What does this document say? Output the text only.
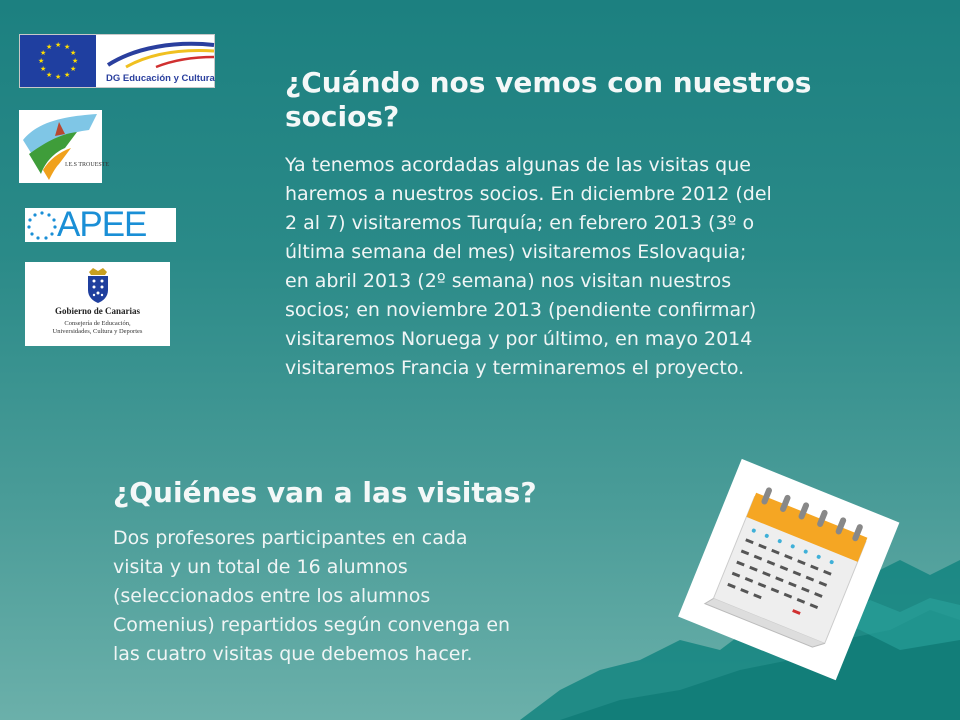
★ ★
★
★
★
★
★
★
★
★
★
★
DG Educación y Cultura
I.E.S TROUESTE
APEE
Gobierno de Canarias
Consejería de Educación,
Universidades, Cultura y Deportes
¿Cuándo nos vemos con nuestros
socios?
Ya tenemos acordadas algunas de las visitas que
haremos a nuestros socios. En diciembre 2012 (del
2 al 7) visitaremos Turquía; en febrero 2013 (3º o
última semana del mes) visitaremos Eslovaquia;
en abril 2013 (2º semana) nos visitan nuestros
socios; en noviembre 2013 (pendiente confirmar)
visitaremos Noruega y por último, en mayo 2014
visitaremos Francia y terminaremos el proyecto.
¿Quiénes van a las visitas?
Dos profesores participantes en cada
visita y un total de 16 alumnos
(seleccionados entre los alumnos
Comenius) repartidos según convenga en
las cuatro visitas que debemos hacer.
